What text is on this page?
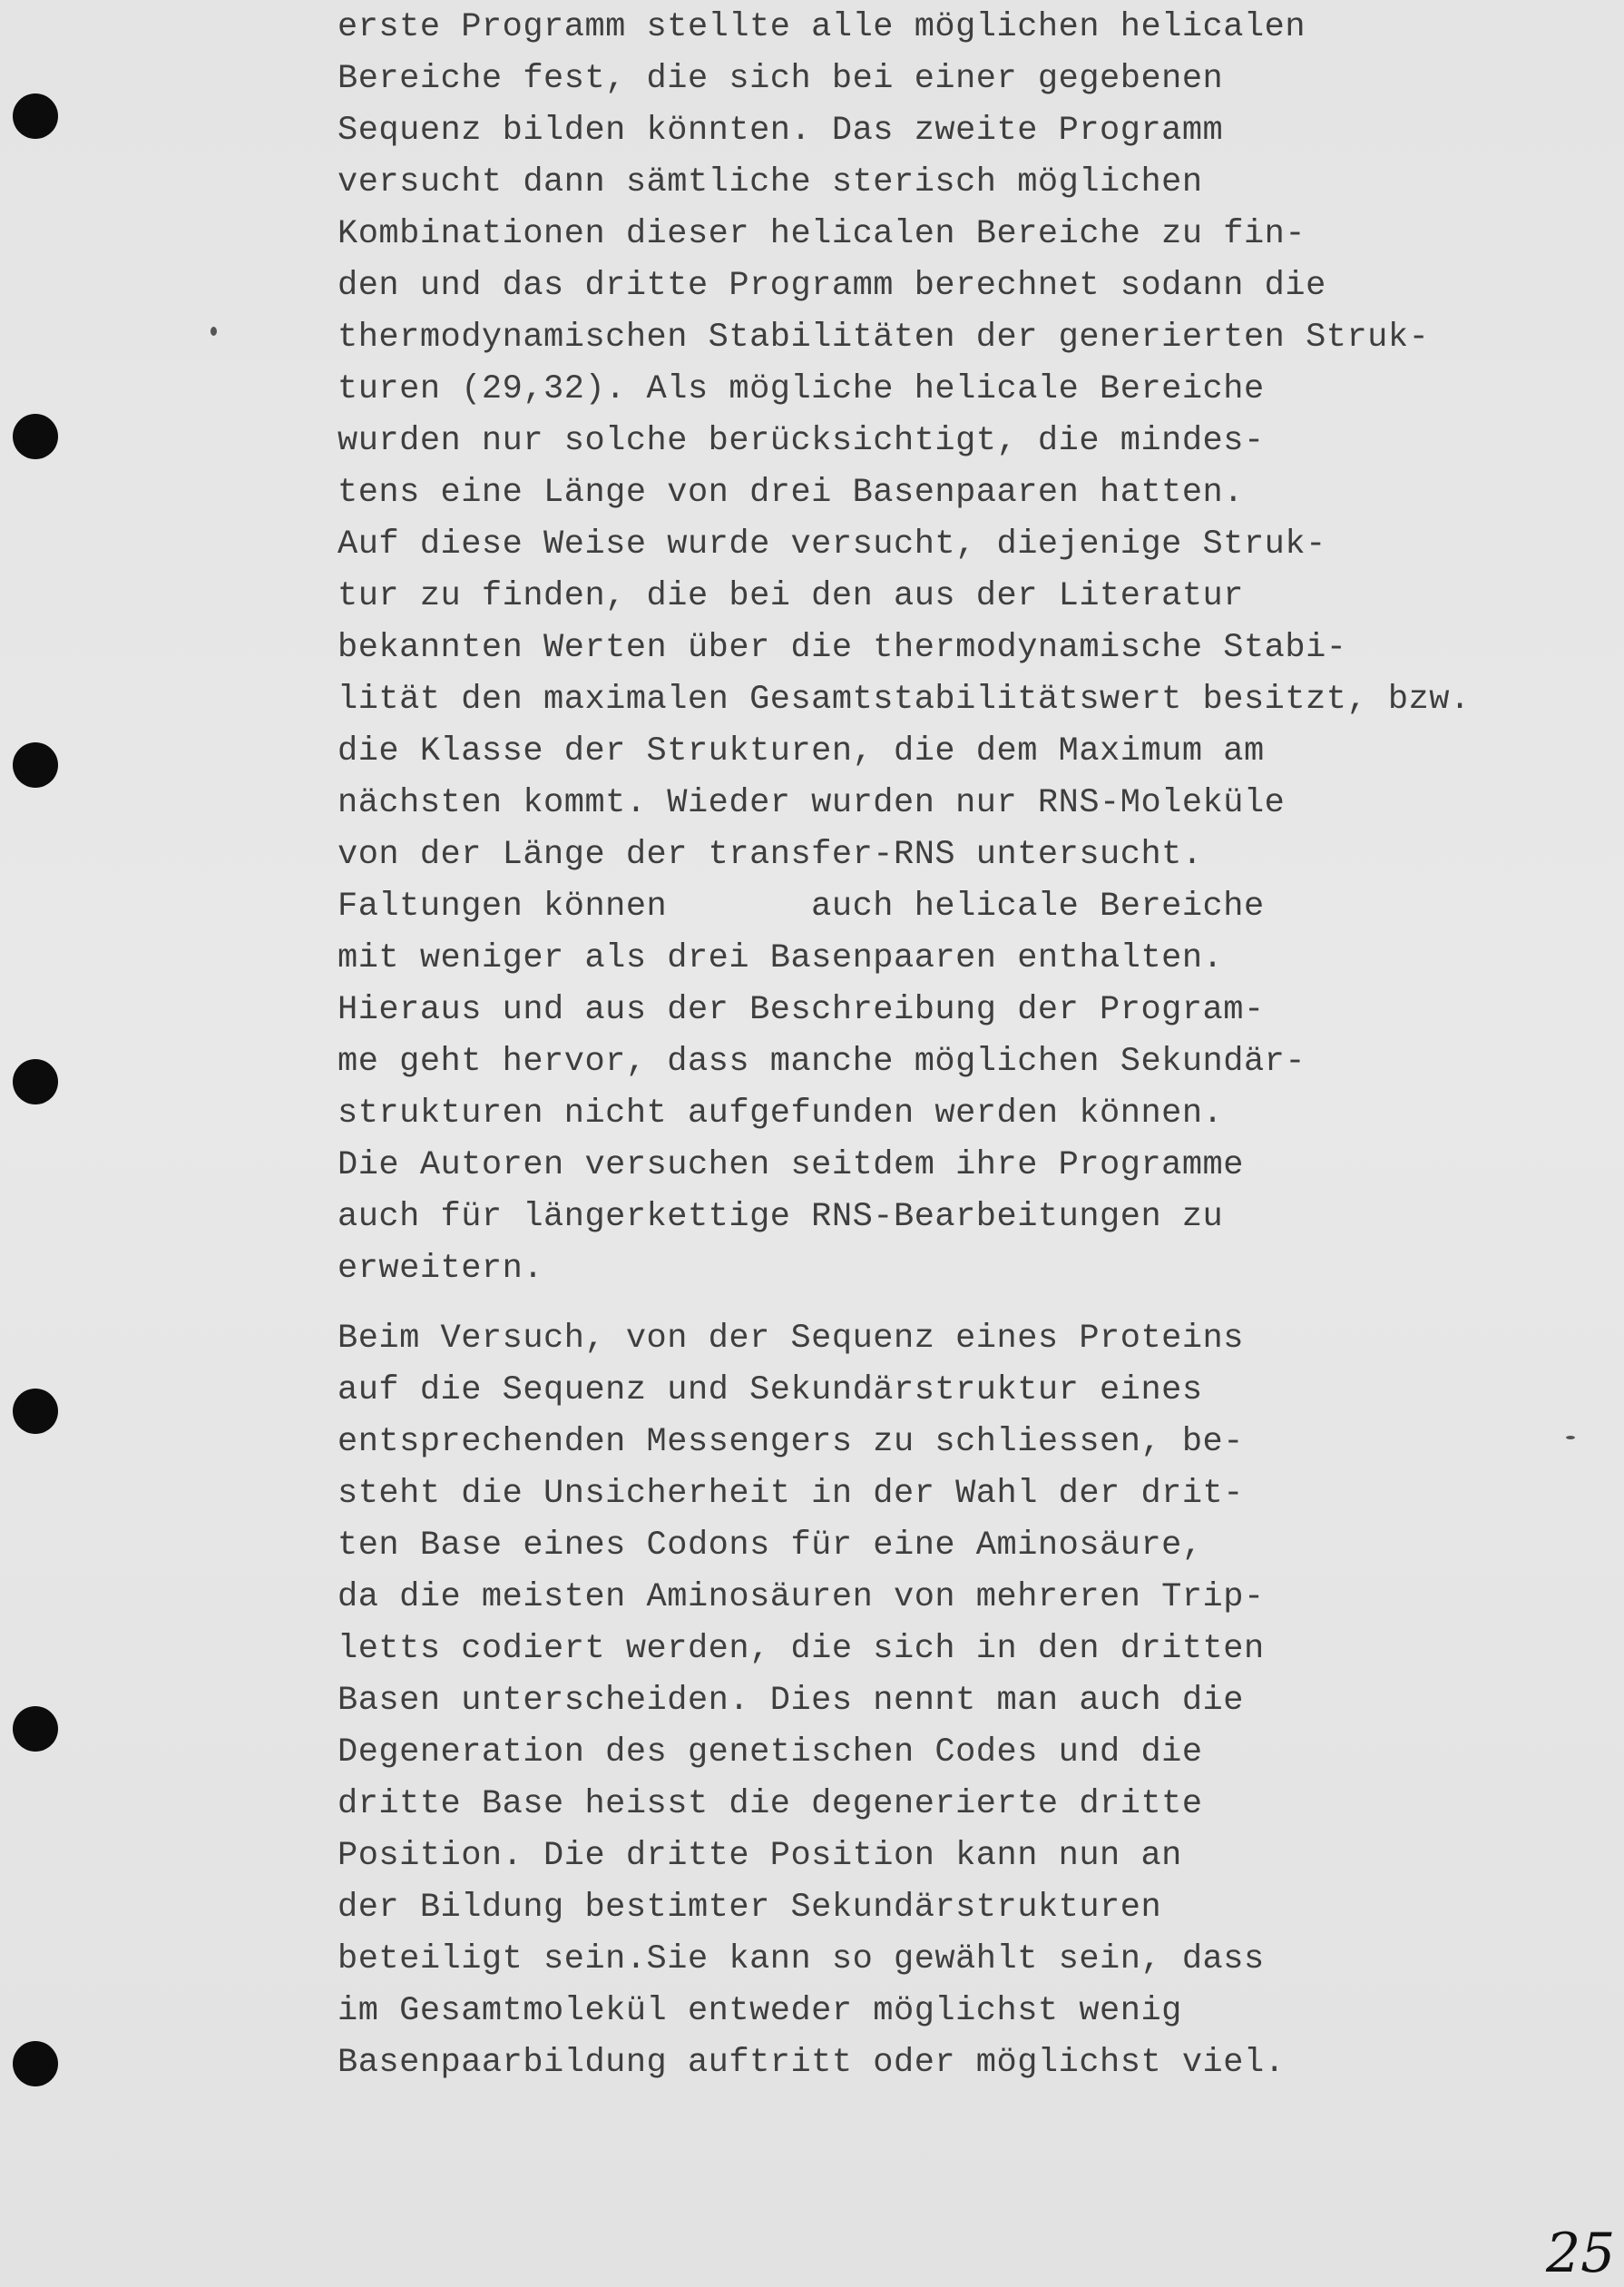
erste Programm stellte alle möglichen helicalen
Bereiche fest, die sich bei einer gegebenen
Sequenz bilden könnten. Das zweite Programm
versucht dann sämtliche sterisch möglichen
Kombinationen dieser helicalen Bereiche zu fin-
den und das dritte Programm berechnet sodann die
thermodynamischen Stabilitäten der generierten Struk-
turen (29,32). Als mögliche helicale Bereiche
wurden nur solche berücksichtigt, die mindes-
tens eine Länge von drei Basenpaaren hatten.
Auf diese Weise wurde versucht, diejenige Struk-
tur zu finden, die bei den aus der Literatur
bekannten Werten über die thermodynamische Stabi-
lität den maximalen Gesamtstabilitätswert besitzt, bzw.
die Klasse der Strukturen, die dem Maximum am
nächsten kommt. Wieder wurden nur RNS-Moleküle
von der Länge der transfer-RNS untersucht.
Faltungen können       auch helicale Bereiche
mit weniger als drei Basenpaaren enthalten.
Hieraus und aus der Beschreibung der Program-
me geht hervor, dass manche möglichen Sekundär-
strukturen nicht aufgefunden werden können.
Die Autoren versuchen seitdem ihre Programme
auch für längerkettige RNS-Bearbeitungen zu
erweitern.
Beim Versuch, von der Sequenz eines Proteins
auf die Sequenz und Sekundärstruktur eines
entsprechenden Messengers zu schliessen, be-
steht die Unsicherheit in der Wahl der drit-
ten Base eines Codons für eine Aminosäure,
da die meisten Aminosäuren von mehreren Trip-
letts codiert werden, die sich in den dritten
Basen unterscheiden. Dies nennt man auch die
Degeneration des genetischen Codes und die
dritte Base heisst die degenerierte dritte
Position. Die dritte Position kann nun an
der Bildung bestimter Sekundärstrukturen
beteiligt sein.Sie kann so gewählt sein, dass
im Gesamtmolekül entweder möglichst wenig
Basenpaarbildung auftritt oder möglichst viel.
25
